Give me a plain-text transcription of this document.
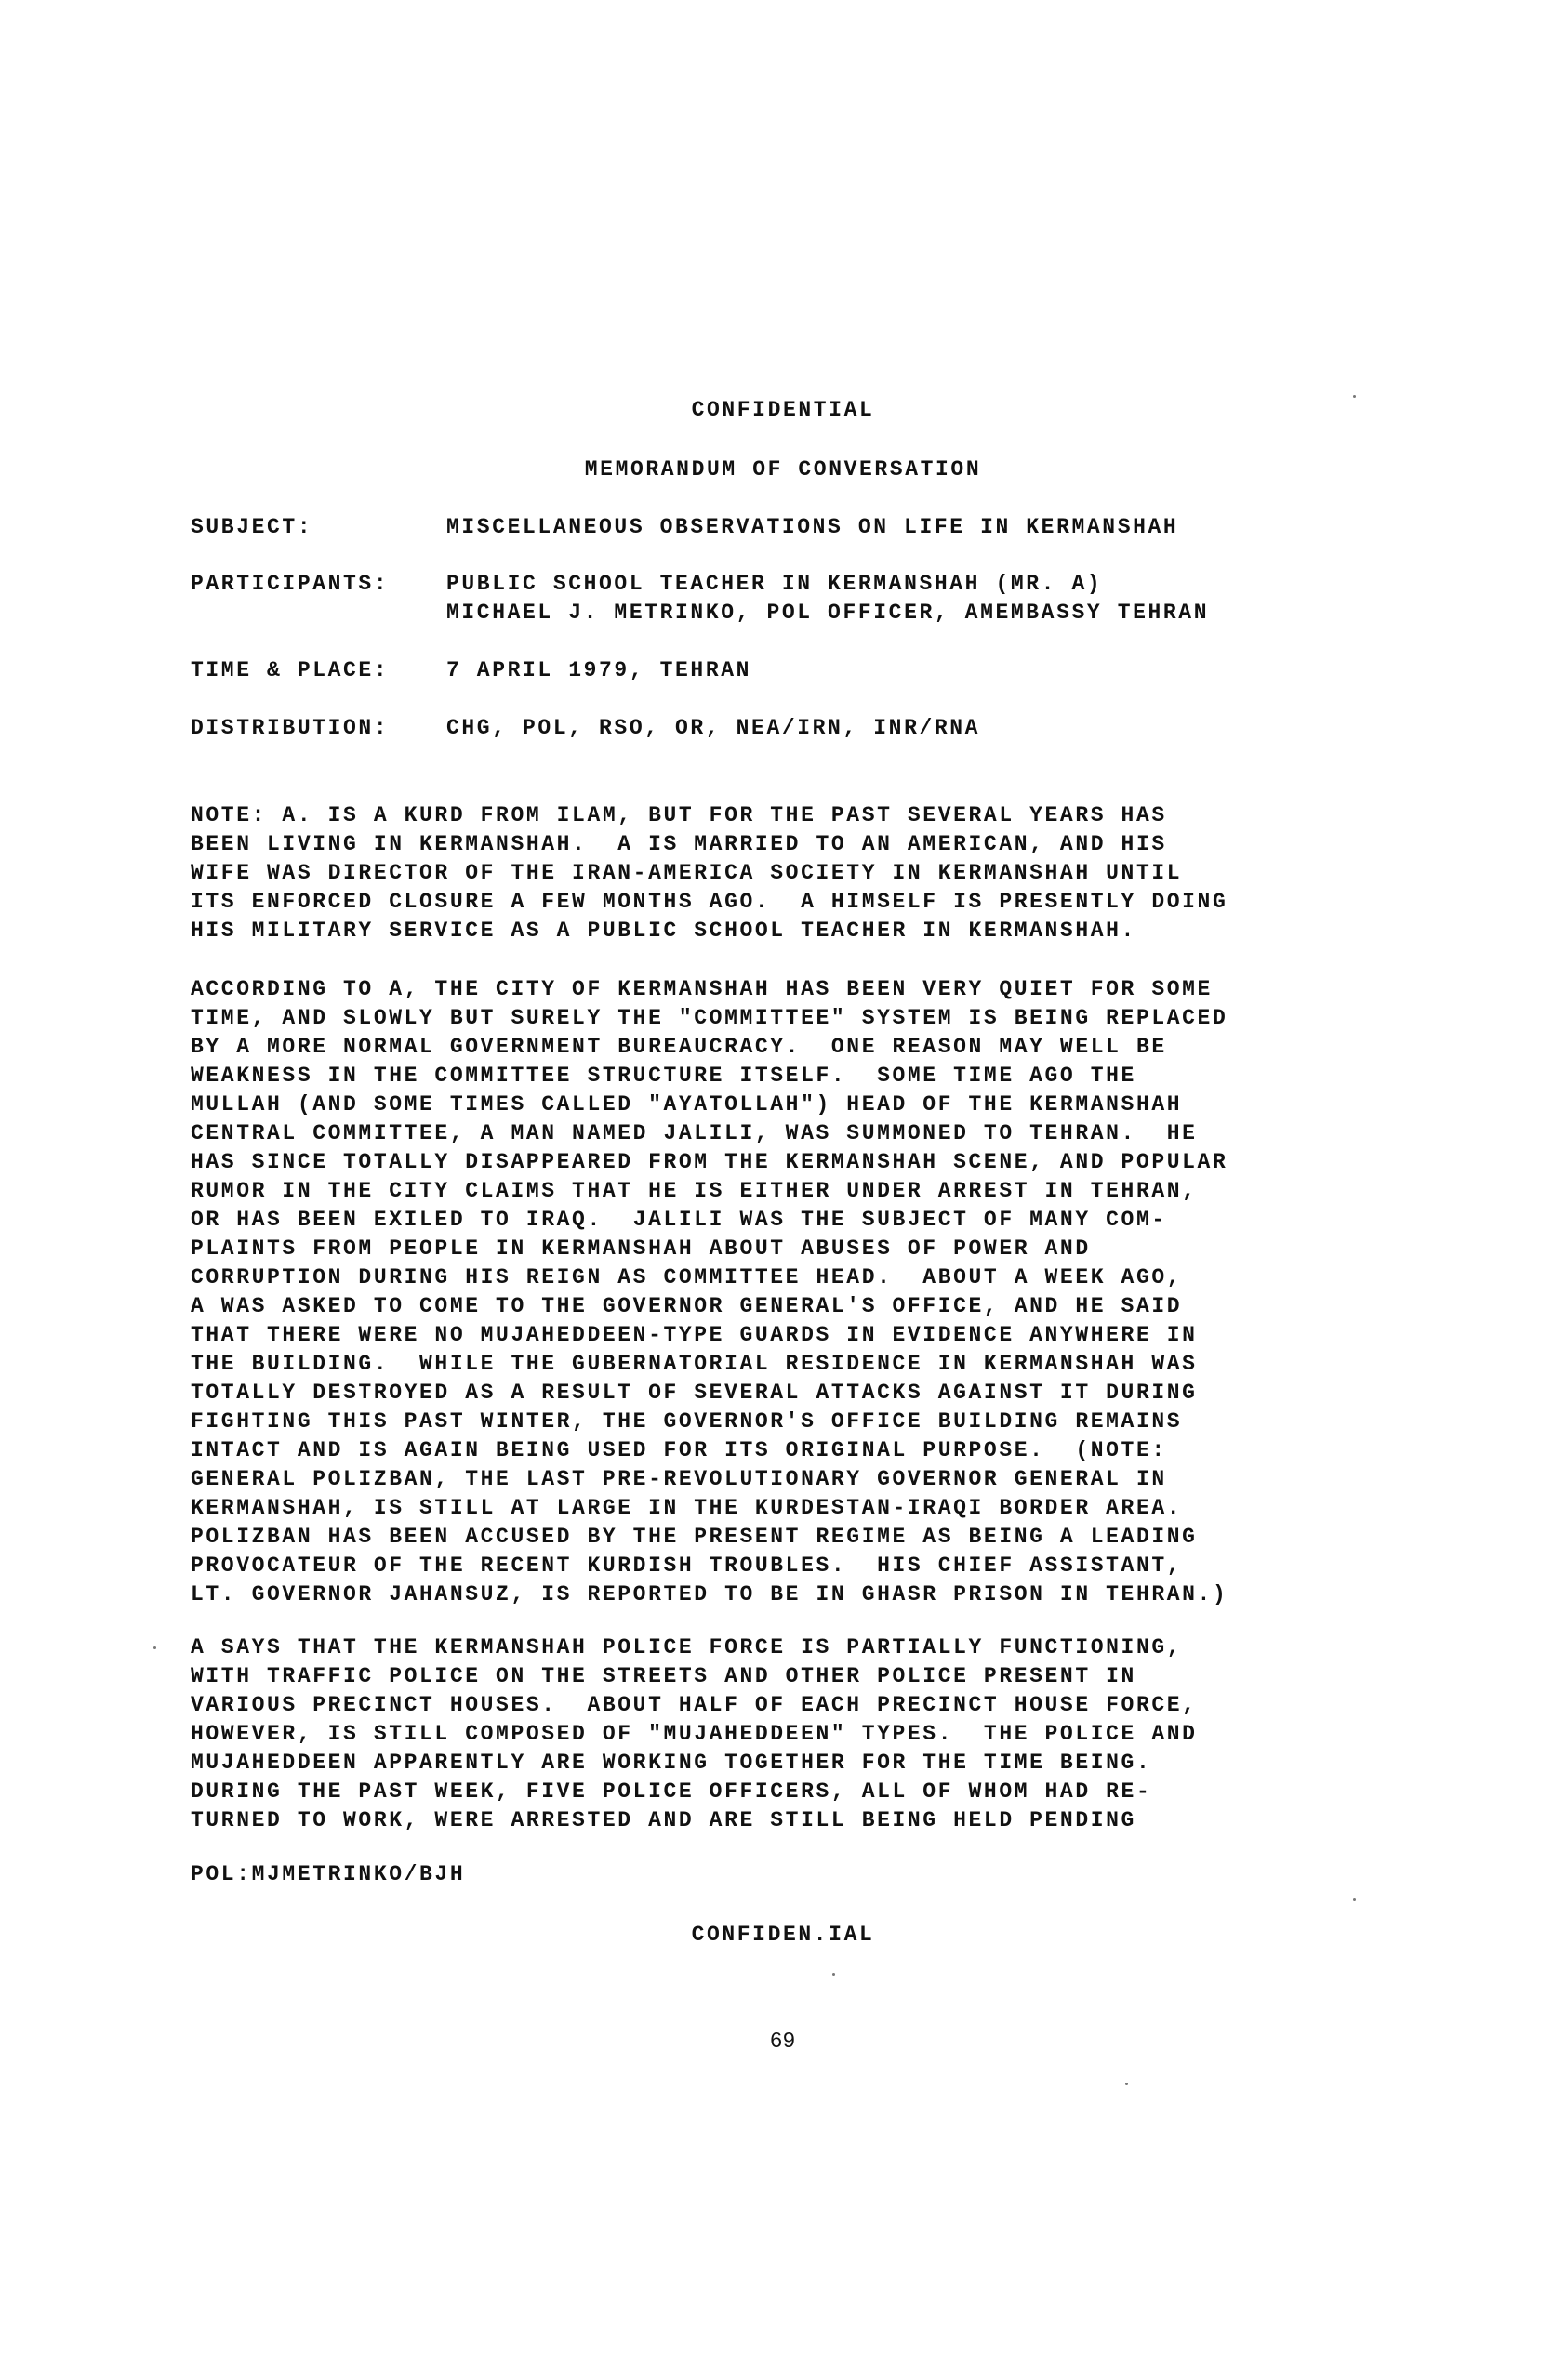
CONFIDENTIAL
MEMORANDUM OF CONVERSATION
SUBJECT:	MISCELLANEOUS OBSERVATIONS ON LIFE IN KERMANSHAH
PARTICIPANTS:	PUBLIC SCHOOL TEACHER IN KERMANSHAH (MR. A)
MICHAEL J. METRINKO, POL OFFICER, AMEMBASSY TEHRAN
TIME & PLACE:	7 APRIL 1979, TEHRAN
DISTRIBUTION:	CHG, POL, RSO, OR, NEA/IRN, INR/RNA
NOTE: A. IS A KURD FROM ILAM, BUT FOR THE PAST SEVERAL YEARS HAS
BEEN LIVING IN KERMANSHAH.  A IS MARRIED TO AN AMERICAN, AND HIS
WIFE WAS DIRECTOR OF THE IRAN-AMERICA SOCIETY IN KERMANSHAH UNTIL
ITS ENFORCED CLOSURE A FEW MONTHS AGO.  A HIMSELF IS PRESENTLY DOING
HIS MILITARY SERVICE AS A PUBLIC SCHOOL TEACHER IN KERMANSHAH.
ACCORDING TO A, THE CITY OF KERMANSHAH HAS BEEN VERY QUIET FOR SOME
TIME, AND SLOWLY BUT SURELY THE "COMMITTEE" SYSTEM IS BEING REPLACED
BY A MORE NORMAL GOVERNMENT BUREAUCRACY.  ONE REASON MAY WELL BE
WEAKNESS IN THE COMMITTEE STRUCTURE ITSELF.  SOME TIME AGO THE
MULLAH (AND SOME TIMES CALLED "AYATOLLAH") HEAD OF THE KERMANSHAH
CENTRAL COMMITTEE, A MAN NAMED JALILI, WAS SUMMONED TO TEHRAN.  HE
HAS SINCE TOTALLY DISAPPEARED FROM THE KERMANSHAH SCENE, AND POPULAR
RUMOR IN THE CITY CLAIMS THAT HE IS EITHER UNDER ARREST IN TEHRAN,
OR HAS BEEN EXILED TO IRAQ.  JALILI WAS THE SUBJECT OF MANY COM-
PLAINTS FROM PEOPLE IN KERMANSHAH ABOUT ABUSES OF POWER AND
CORRUPTION DURING HIS REIGN AS COMMITTEE HEAD.  ABOUT A WEEK AGO,
A WAS ASKED TO COME TO THE GOVERNOR GENERAL'S OFFICE, AND HE SAID
THAT THERE WERE NO MUJAHEDDEEN-TYPE GUARDS IN EVIDENCE ANYWHERE IN
THE BUILDING.  WHILE THE GUBERNATORIAL RESIDENCE IN KERMANSHAH WAS
TOTALLY DESTROYED AS A RESULT OF SEVERAL ATTACKS AGAINST IT DURING
FIGHTING THIS PAST WINTER, THE GOVERNOR'S OFFICE BUILDING REMAINS
INTACT AND IS AGAIN BEING USED FOR ITS ORIGINAL PURPOSE.  (NOTE:
GENERAL POLIZBAN, THE LAST PRE-REVOLUTIONARY GOVERNOR GENERAL IN
KERMANSHAH, IS STILL AT LARGE IN THE KURDESTAN-IRAQI BORDER AREA.
POLIZBAN HAS BEEN ACCUSED BY THE PRESENT REGIME AS BEING A LEADING
PROVOCATEUR OF THE RECENT KURDISH TROUBLES.  HIS CHIEF ASSISTANT,
LT. GOVERNOR JAHANSUZ, IS REPORTED TO BE IN GHASR PRISON IN TEHRAN.)
A SAYS THAT THE KERMANSHAH POLICE FORCE IS PARTIALLY FUNCTIONING,
WITH TRAFFIC POLICE ON THE STREETS AND OTHER POLICE PRESENT IN
VARIOUS PRECINCT HOUSES.  ABOUT HALF OF EACH PRECINCT HOUSE FORCE,
HOWEVER, IS STILL COMPOSED OF "MUJAHEDDEEN" TYPES.  THE POLICE AND
MUJAHEDDEEN APPARENTLY ARE WORKING TOGETHER FOR THE TIME BEING.
DURING THE PAST WEEK, FIVE POLICE OFFICERS, ALL OF WHOM HAD RE-
TURNED TO WORK, WERE ARRESTED AND ARE STILL BEING HELD PENDING
POL:MJMETRINKO/BJH
CONFIDEN.IAL
69
